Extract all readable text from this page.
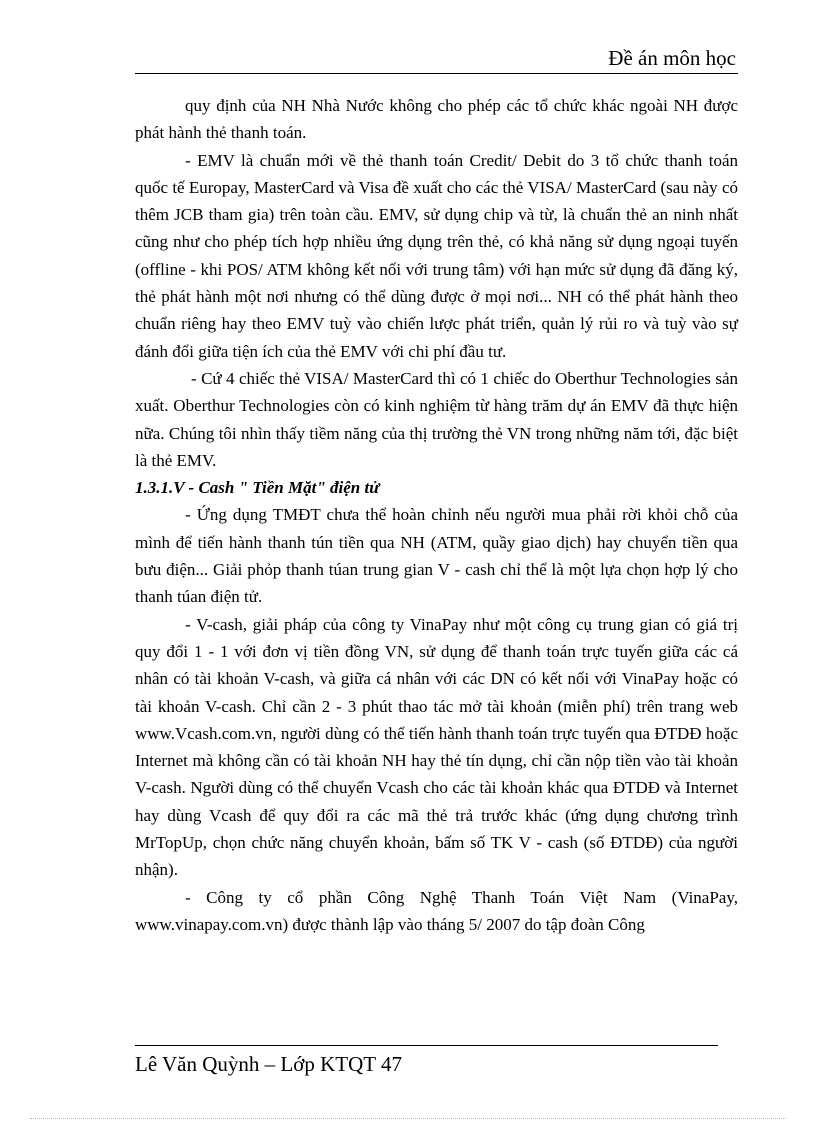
Đề án môn học

quy định của NH Nhà Nước không cho phép các tổ chức khác ngoài NH được phát hành thẻ thanh toán.

- EMV là chuẩn mới về thẻ thanh toán Credit/ Debit do 3 tổ chức thanh toán quốc tế Europay, MasterCard và Visa đề xuất cho các thẻ VISA/ MasterCard (sau này có thêm JCB tham gia) trên toàn cầu. EMV, sử dụng chip và từ, là chuẩn thẻ an ninh nhất cũng như cho phép tích hợp nhiều ứng dụng trên thẻ, có khả năng sử dụng ngoại tuyến (offline - khi POS/ ATM không kết nối với trung tâm) với hạn mức sử dụng đã đăng ký, thẻ phát hành một nơi nhưng có thể dùng được ở mọi nơi... NH có thể phát hành theo chuẩn riêng hay theo EMV tuỳ vào chiến lược phát triển, quản lý rủi ro và tuỳ vào sự đánh đổi giữa tiện ích của thẻ EMV với chi phí đầu tư.

- Cứ 4 chiếc thẻ VISA/ MasterCard thì có 1 chiếc do Oberthur Technologies sản xuất. Oberthur Technologies còn có kinh nghiệm từ hàng trăm dự án EMV đã thực hiện nữa. Chúng tôi nhìn thấy tiềm năng của thị trường thẻ VN trong những năm tới, đặc biệt là thẻ EMV.

1.3.1.V - Cash " Tiền Mặt" điện tử

- Ứng dụng TMĐT chưa thể hoàn chỉnh nếu người mua phải rời khỏi chỗ của mình để tiến hành thanh tún tiền qua NH (ATM, quầy giao dịch) hay chuyển tiền qua bưu điện... Giải phỏp thanh túan trung gian V - cash chỉ thể là một lựa chọn hợp lý cho thanh túan điện tử.

- V-cash, giải pháp của công ty VinaPay như một công cụ trung gian có giá trị quy đổi 1 - 1 với đơn vị tiền đồng VN, sử dụng để thanh toán trực tuyến giữa các cá nhân có tài khoản V-cash, và giữa cá nhân với các DN có kết nối với VinaPay hoặc có tài khoản V-cash. Chỉ cần 2 - 3 phút thao tác mở tài khoản (miễn phí) trên trang web www.Vcash.com.vn, người dùng có thể tiến hành thanh toán trực tuyến qua ĐTDĐ hoặc Internet mà không cần có tài khoản NH hay thẻ tín dụng, chỉ cần nộp tiền vào tài khoản V-cash. Người dùng có thể chuyển Vcash cho các tài khoản khác qua ĐTDĐ và Internet hay dùng Vcash để quy đổi ra các mã thẻ trả trước khác (ứng dụng chương trình MrTopUp, chọn chức năng chuyển khoản, bấm số TK V - cash (số ĐTDĐ) của người nhận).

- Công ty cổ phần Công Nghệ Thanh Toán Việt Nam (VinaPay, www.vinapay.com.vn) được thành lập vào tháng 5/ 2007 do tập đoàn Công

Lê Văn Quỳnh – Lớp KTQT 47
